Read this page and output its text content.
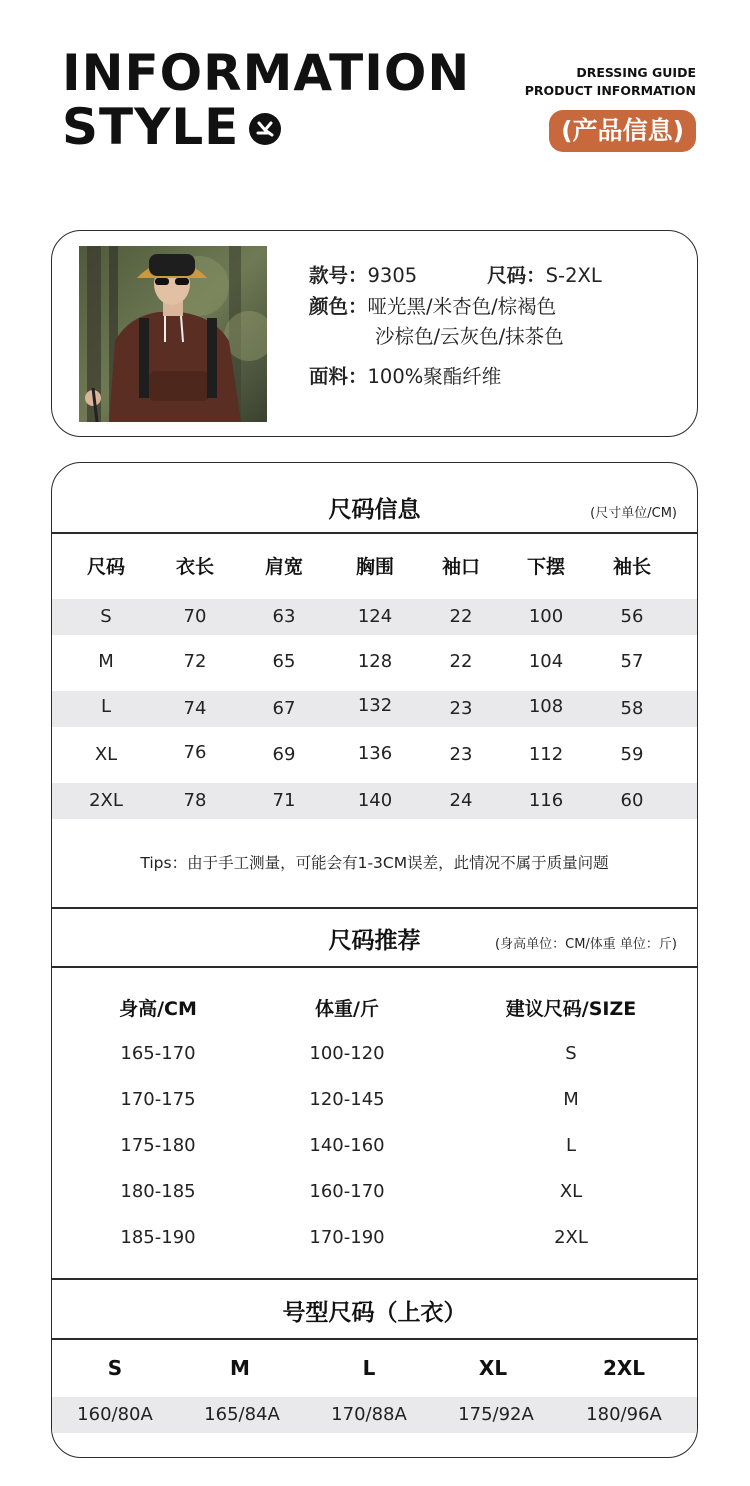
INFORMATION
STYLE
DRESSING GUIDE
PRODUCT INFORMATION
(产品信息)
款号：9305	尺码：S-2XL
颜色：哑光黑/米杏色/棕褐色
沙棕色/云灰色/抹茶色
面料：100%聚酯纤维
尺码信息	(尺寸单位/CM)
尺码	衣长	肩宽	胸围	袖口	下摆	袖长
S	70	63	124	22	100	56
M	72	65	128	22	104	57
L	74	67	132	23	108	58
XL	76	69	136	23	112	59
2XL	78	71	140	24	116	60
Tips：由于手工测量，可能会有1-3CM误差，此情况不属于质量问题
尺码推荐	(身高单位：CM/体重 单位：斤)
身高/CM	体重/斤	建议尺码/SIZE
165-170	100-120	S
170-175	120-145	M
175-180	140-160	L
180-185	160-170	XL
185-190	170-190	2XL
号型尺码（上衣）
S	M	L	XL	2XL
160/80A	165/84A	170/88A	175/92A	180/96A
